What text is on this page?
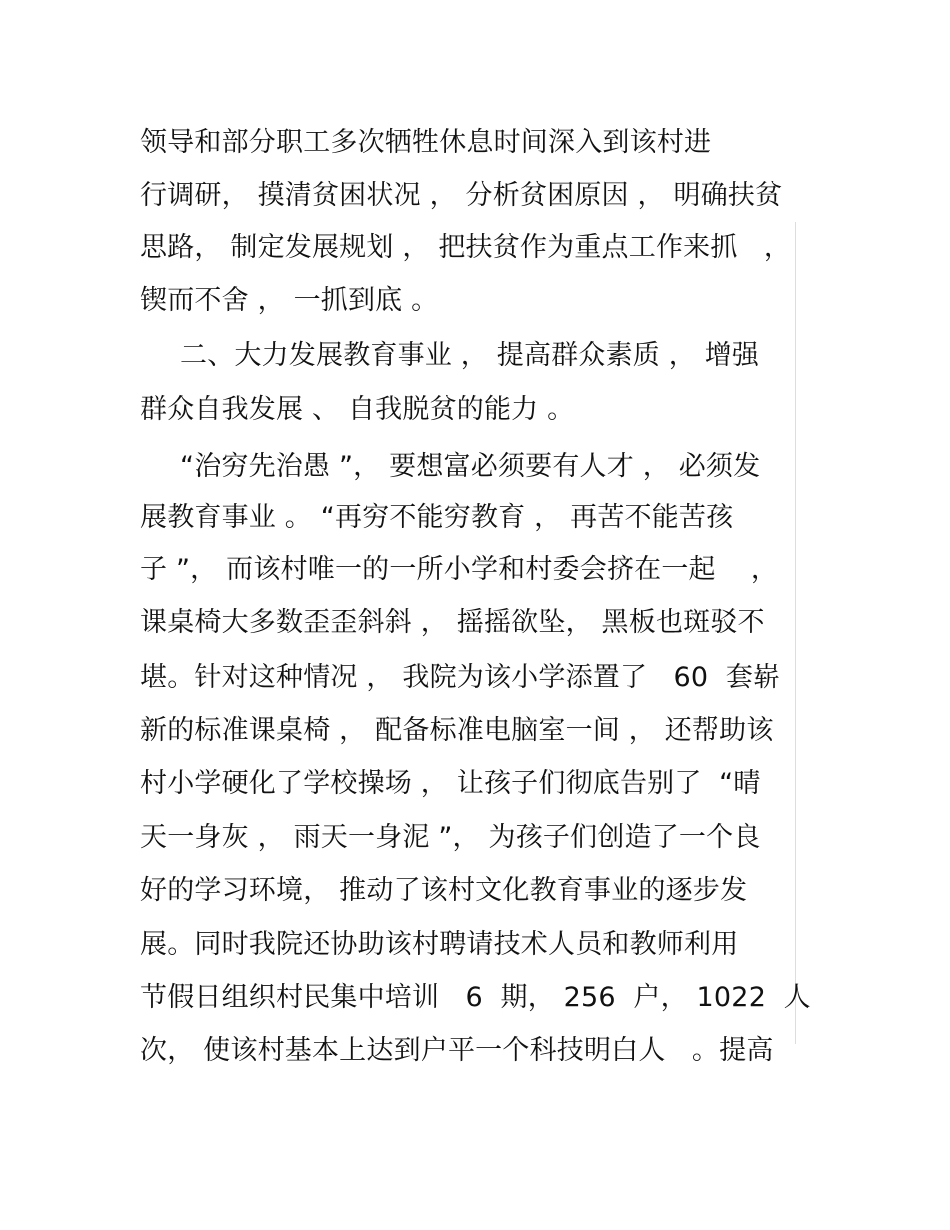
领导和部分职工多次牺牲休息时间深入到该村进
行调研， 摸清贫困状况 ， 分析贫困原因 ， 明确扶贫
思路， 制定发展规划 ， 把扶贫作为重点工作来抓   ，
锲而不舍 ， 一抓到底 。
二、大力发展教育事业 ， 提高群众素质 ， 增强
群众自我发展 、 自我脱贫的能力 。
“治穷先治愚 ”， 要想富必须要有人才 ， 必须发
展教育事业 。 “再穷不能穷教育 ， 再苦不能苦孩
子 ”， 而该村唯一的一所小学和村委会挤在一起    ，
课桌椅大多数歪歪斜斜 ， 摇摇欲坠， 黑板也斑驳不
堪。针对这种情况 ， 我院为该小学添置了   60  套崭
新的标准课桌椅 ， 配备标准电脑室一间 ， 还帮助该
村小学硬化了学校操场 ， 让孩子们彻底告别了  “晴
天一身灰 ， 雨天一身泥 ”， 为孩子们创造了一个良
好的学习环境， 推动了该村文化教育事业的逐步发
展。同时我院还协助该村聘请技术人员和教师利用
节假日组织村民集中培训   6  期， 256  户， 1022  人
次， 使该村基本上达到户平一个科技明白人   。提高
